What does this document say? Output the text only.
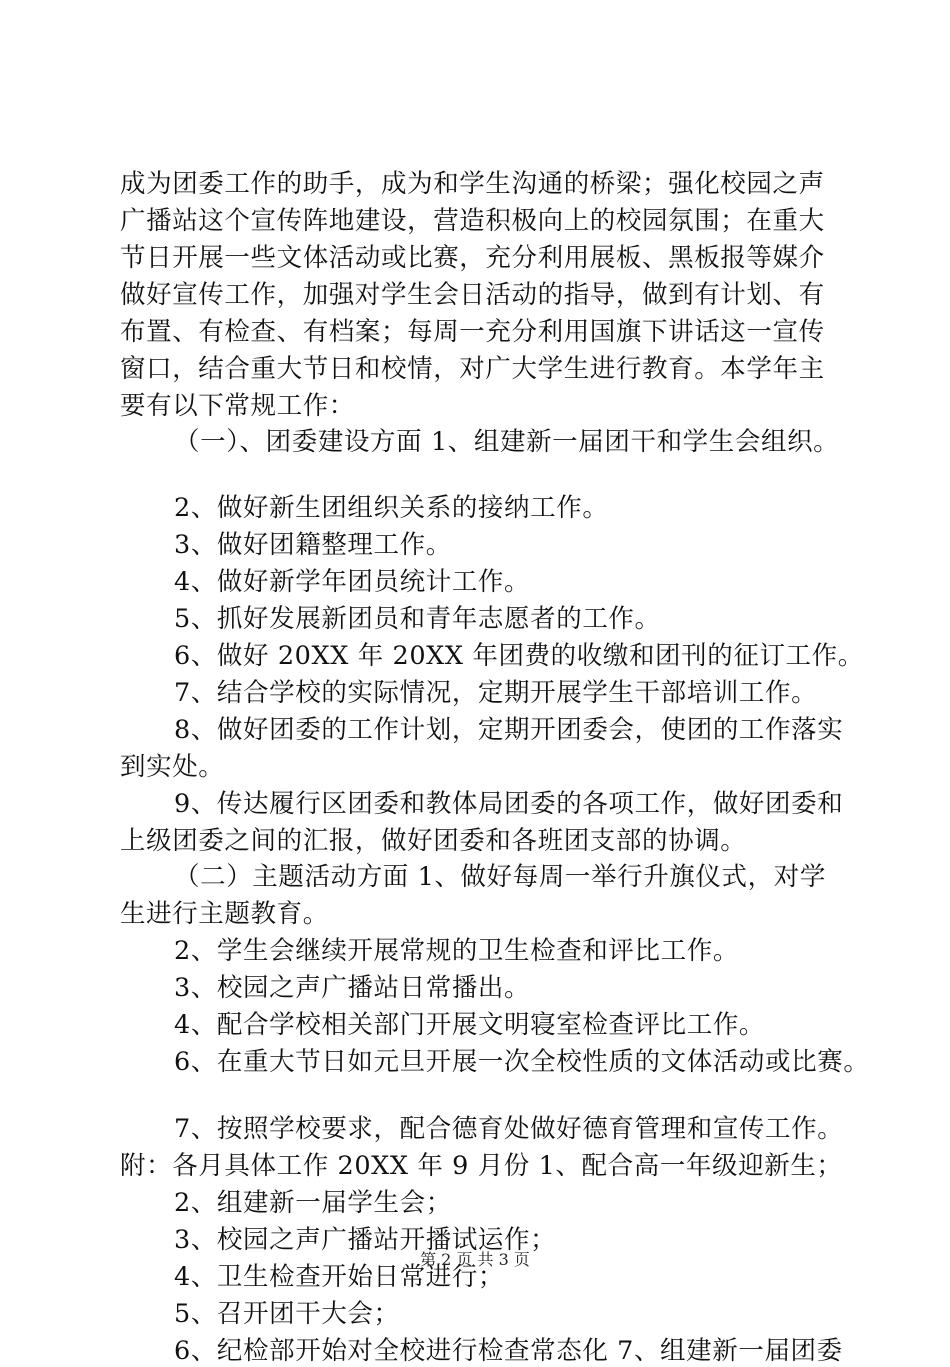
成为团委工作的助手，成为和学生沟通的桥梁；强化校园之声
广播站这个宣传阵地建设，营造积极向上的校园氛围；在重大
节日开展一些文体活动或比赛，充分利用展板、黑板报等媒介
做好宣传工作，加强对学生会日活动的指导，做到有计划、有
布置、有检查、有档案；每周一充分利用国旗下讲话这一宣传
窗口，结合重大节日和校情，对广大学生进行教育。本学年主
要有以下常规工作：
（一）、团委建设方面 1、组建新一届团干和学生会组织。
2、做好新生团组织关系的接纳工作。
3、做好团籍整理工作。
4、做好新学年团员统计工作。
5、抓好发展新团员和青年志愿者的工作。
6、做好 20XX 年 20XX 年团费的收缴和团刊的征订工作。
7、结合学校的实际情况，定期开展学生干部培训工作。
8、做好团委的工作计划，定期开团委会，使团的工作落实
到实处。
9、传达履行区团委和教体局团委的各项工作，做好团委和
上级团委之间的汇报，做好团委和各班团支部的协调。
（二）主题活动方面 1、做好每周一举行升旗仪式，对学
生进行主题教育。
2、学生会继续开展常规的卫生检查和评比工作。
3、校园之声广播站日常播出。
4、配合学校相关部门开展文明寝室检查评比工作。
6、在重大节日如元旦开展一次全校性质的文体活动或比赛。
7、按照学校要求，配合德育处做好德育管理和宣传工作。
附：各月具体工作 20XX 年 9 月份 1、配合高一年级迎新生；
2、组建新一届学生会；
3、校园之声广播站开播试运作；
4、卫生检查开始日常进行；
5、召开团干大会；
6、纪检部开始对全校进行检查常态化 7、组建新一届团委
第 2 页 共 3 页
